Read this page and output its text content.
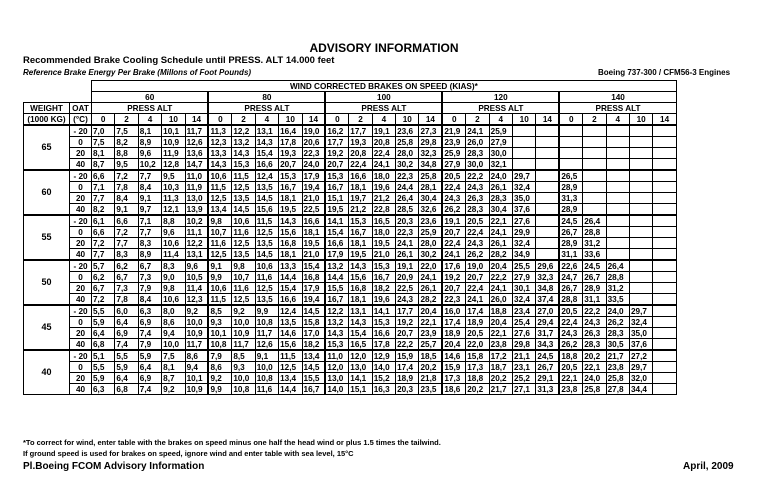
ADVISORY INFORMATION
Recommended Brake Cooling Schedule until PRESS. ALT 14.000 feet
Reference Brake Energy Per Brake (Millons of Foot Pounds)	Boeing 737-300 / CFM56-3 Engines
		WIND CORRECTED BRAKES ON SPEED (KIAS)*																								
		60					80					100					120					140				
WEIGHT	OAT	PRESS ALT					PRESS ALT					PRESS ALT					PRESS ALT					PRESS ALT				
(1000 KG)	(°C)	0	2	4	10	14	0	2	4	10	14	0	2	4	10	14	0	2	4	10	14	0	2	4	10	14
65	- 20	7,0	7,5	8,1	10,1	11,7	11,3	12,2	13,1	16,4	19,0	16,2	17,7	19,1	23,6	27,3	21,9	24,1	25,9							
	0	7,5	8,2	8,9	10,9	12,6	12,3	13,2	14,3	17,8	20,6	17,7	19,3	20,8	25,8	29,8	23,9	26,0	27,9							
	20	8,1	8,8	9,6	11,9	13,6	13,3	14,3	15,4	19,3	22,3	19,2	20,8	22,4	28,0	32,3	25,9	28,3	30,0							
	40	8,7	9,5	10,2	12,8	14,7	14,3	15,3	16,6	20,7	24,0	20,7	22,4	24,1	30,2	34,8	27,9	30,0	32,1							
60	- 20	6,6	7,2	7,7	9,5	11,0	10,6	11,5	12,4	15,3	17,9	15,3	16,6	18,0	22,3	25,8	20,5	22,2	24,0	29,7		26,5				
	0	7,1	7,8	8,4	10,3	11,9	11,5	12,5	13,5	16,7	19,4	16,7	18,1	19,6	24,4	28,1	22,4	24,3	26,1	32,4		28,9				
	20	7,7	8,4	9,1	11,3	13,0	12,5	13,5	14,5	18,1	21,0	15,1	19,7	21,2	26,4	30,4	24,3	26,3	28,3	35,0		31,3				
	40	8,2	9,1	9,7	12,1	13,9	13,4	14,5	15,6	19,5	22,5	19,5	21,2	22,8	28,5	32,6	26,2	28,3	30,4	37,6		28,9				
55	- 20	6,1	6,6	7,1	8,8	10,2	9,8	10,6	11,5	14,3	16,6	14,1	15,3	16,5	20,3	23,6	19,1	20,5	22,1	27,6		24,5	26,4			
	0	6,6	7,2	7,7	9,6	11,1	10,7	11,6	12,5	15,6	18,1	15,4	16,7	18,0	22,3	25,9	20,7	22,4	24,1	29,9		26,7	28,8			
	20	7,2	7,7	8,3	10,6	12,2	11,6	12,5	13,5	16,8	19,5	16,6	18,1	19,5	24,1	28,0	22,4	24,3	26,1	32,4		28,9	31,2			
	40	7,7	8,3	8,9	11,4	13,1	12,5	13,5	14,5	18,1	21,0	17,9	19,5	21,0	26,1	30,2	24,1	26,2	28,2	34,9		31,1	33,6			
50	- 20	5,7	6,2	6,7	8,3	9,6	9,1	9,8	10,6	13,3	15,4	13,2	14,3	15,3	19,1	22,0	17,6	19,0	20,4	25,5	29,6	22,6	24,5	26,4		
	0	6,2	6,7	7,3	9,0	10,5	9,9	10,7	11,6	14,4	16,8	14,4	15,6	16,7	20,9	24,1	19,2	20,7	22,2	27,9	32,3	24,7	26,7	28,8		
	20	6,7	7,3	7,9	9,8	11,4	10,6	11,6	12,5	15,4	17,9	15,5	16,8	18,2	22,5	26,1	20,7	22,4	24,1	30,1	34,8	26,7	28,9	31,2		
	40	7,2	7,8	8,4	10,6	12,3	11,5	12,5	13,5	16,6	19,4	16,7	18,1	19,6	24,3	28,2	22,3	24,1	26,0	32,4	37,4	28,8	31,1	33,5		
45	- 20	5,5	6,0	6,3	8,0	9,2	8,5	9,2	9,9	12,4	14,5	12,2	13,1	14,1	17,7	20,4	16,0	17,4	18,8	23,4	27,0	20,5	22,2	24,0	29,7	
	0	5,9	6,4	6,9	8,6	10,0	9,3	10,0	10,8	13,5	15,8	13,2	14,3	15,3	19,2	22,1	17,4	18,9	20,4	25,4	29,4	22,4	24,3	26,2	32,4	
	20	6,4	6,9	7,4	9,4	10,9	10,1	10,9	11,7	14,6	17,0	14,3	15,4	16,6	20,7	23,9	18,9	20,5	22,1	27,6	31,7	24,3	26,3	28,3	35,0	
	40	6,8	7,4	7,9	10,0	11,7	10,8	11,7	12,6	15,6	18,2	15,3	16,5	17,8	22,2	25,7	20,4	22,0	23,8	29,8	34,3	26,2	28,3	30,5	37,6	
40	- 20	5,1	5,5	5,9	7,5	8,6	7,9	8,5	9,1	11,5	13,4	11,0	12,0	12,9	15,9	18,5	14,6	15,8	17,2	21,1	24,5	18,8	20,2	21,7	27,2	
	0	5,5	5,9	6,4	8,1	9,4	8,6	9,3	10,0	12,5	14,5	12,0	13,0	14,0	17,4	20,2	15,9	17,3	18,7	23,1	26,7	20,5	22,1	23,8	29,7	
	20	5,9	6,4	6,9	8,7	10,1	9,2	10,0	10,8	13,4	15,5	13,0	14,1	15,2	18,9	21,8	17,3	18,8	20,2	25,2	29,1	22,1	24,0	25,8	32,0	
	40	6,3	6,8	7,4	9,2	10,9	9,9	10,8	11,6	14,4	16,7	14,0	15,1	16,3	20,3	23,5	18,6	20,2	21,7	27,1	31,3	23,8	25,8	27,8	34,4	
*To correct for wind, enter table with the brakes on speed minus one half the head wind or plus 1.5 times the tailwind.
If ground speed is used for brakes on speed, ignore wind and enter table with sea level, 15°C
Pl.Boeing FCOM Advisory Information	April, 2009
